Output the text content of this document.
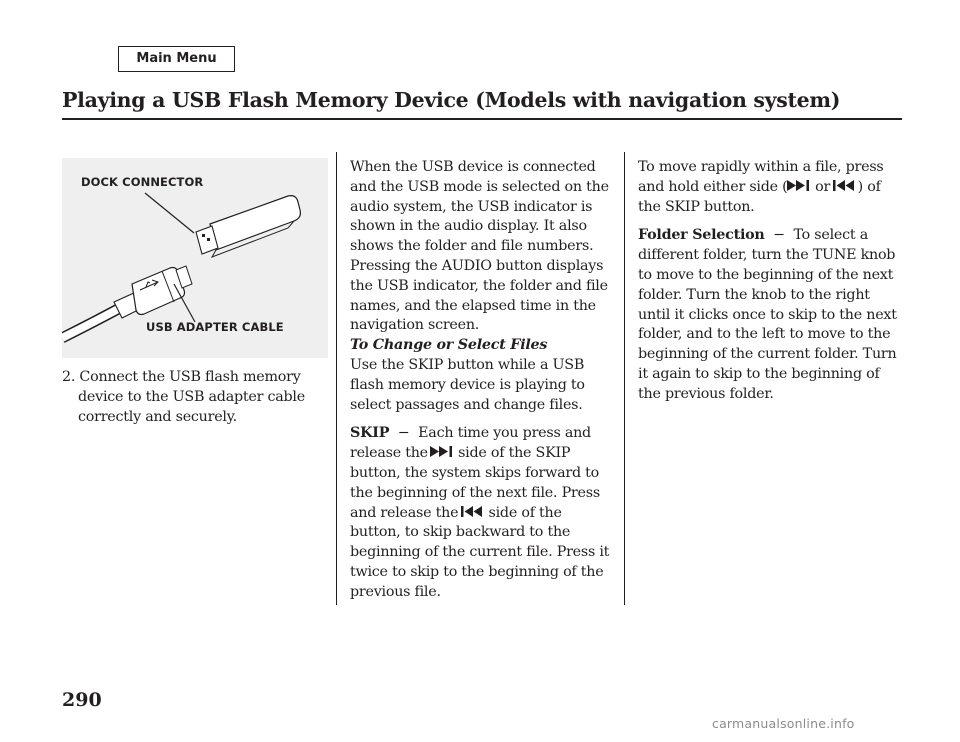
Main Menu
Playing a USB Flash Memory Device (Models with navigation system)
DOCK CONNECTOR
USB ADAPTER CABLE

2. Connect the USB flash memory device to the USB adapter cable correctly and securely.

When the USB device is connected and the USB mode is selected on the audio system, the USB indicator is shown in the audio display. It also shows the folder and file numbers. Pressing the AUDIO button displays the USB indicator, the folder and file names, and the elapsed time in the navigation screen.

To Change or Select Files

Use the SKIP button while a USB flash memory device is playing to select passages and change files.

SKIP − Each time you press and release the   side of the SKIP button, the system skips forward to the beginning of the next file. Press and release the   side of the button, to skip backward to the beginning of the current file. Press it twice to skip to the beginning of the previous file.

To move rapidly within a file, press and hold either side (  or  ) of the SKIP button.

Folder Selection − To select a different folder, turn the TUNE knob to move to the beginning of the next folder. Turn the knob to the right until it clicks once to skip to the next folder, and to the left to move to the beginning of the current folder. Turn it again to skip to the beginning of the previous folder.

290
carmanualsonline.info
